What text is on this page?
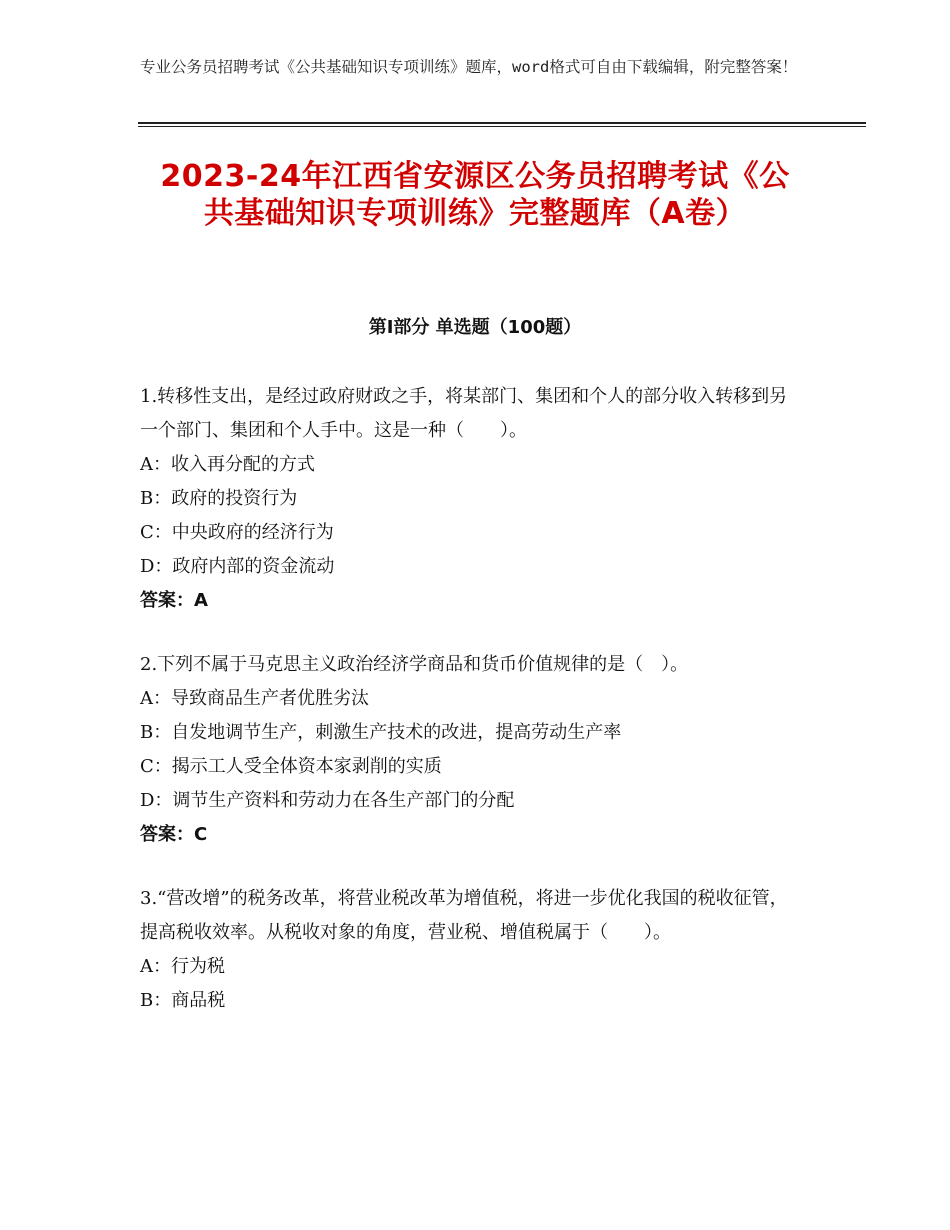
专业公务员招聘考试《公共基础知识专项训练》题库，word格式可自由下载编辑，附完整答案！
2023-24年江西省安源区公务员招聘考试《公共基础知识专项训练》完整题库（A卷）
第Ⅰ部分 单选题（100题）
1.转移性支出，是经过政府财政之手，将某部门、集团和个人的部分收入转移到另一个部门、集团和个人手中。这是一种（　　）。
A：收入再分配的方式
B：政府的投资行为
C：中央政府的经济行为
D：政府内部的资金流动
答案：A
2.下列不属于马克思主义政治经济学商品和货币价值规律的是（　）。
A：导致商品生产者优胜劣汰
B：自发地调节生产，刺激生产技术的改进，提高劳动生产率
C：揭示工人受全体资本家剥削的实质
D：调节生产资料和劳动力在各生产部门的分配
答案：C
3.“营改增”的税务改革，将营业税改革为增值税，将进一步优化我国的税收征管，提高税收效率。从税收对象的角度，营业税、增值税属于（　　）。
A：行为税
B：商品税
